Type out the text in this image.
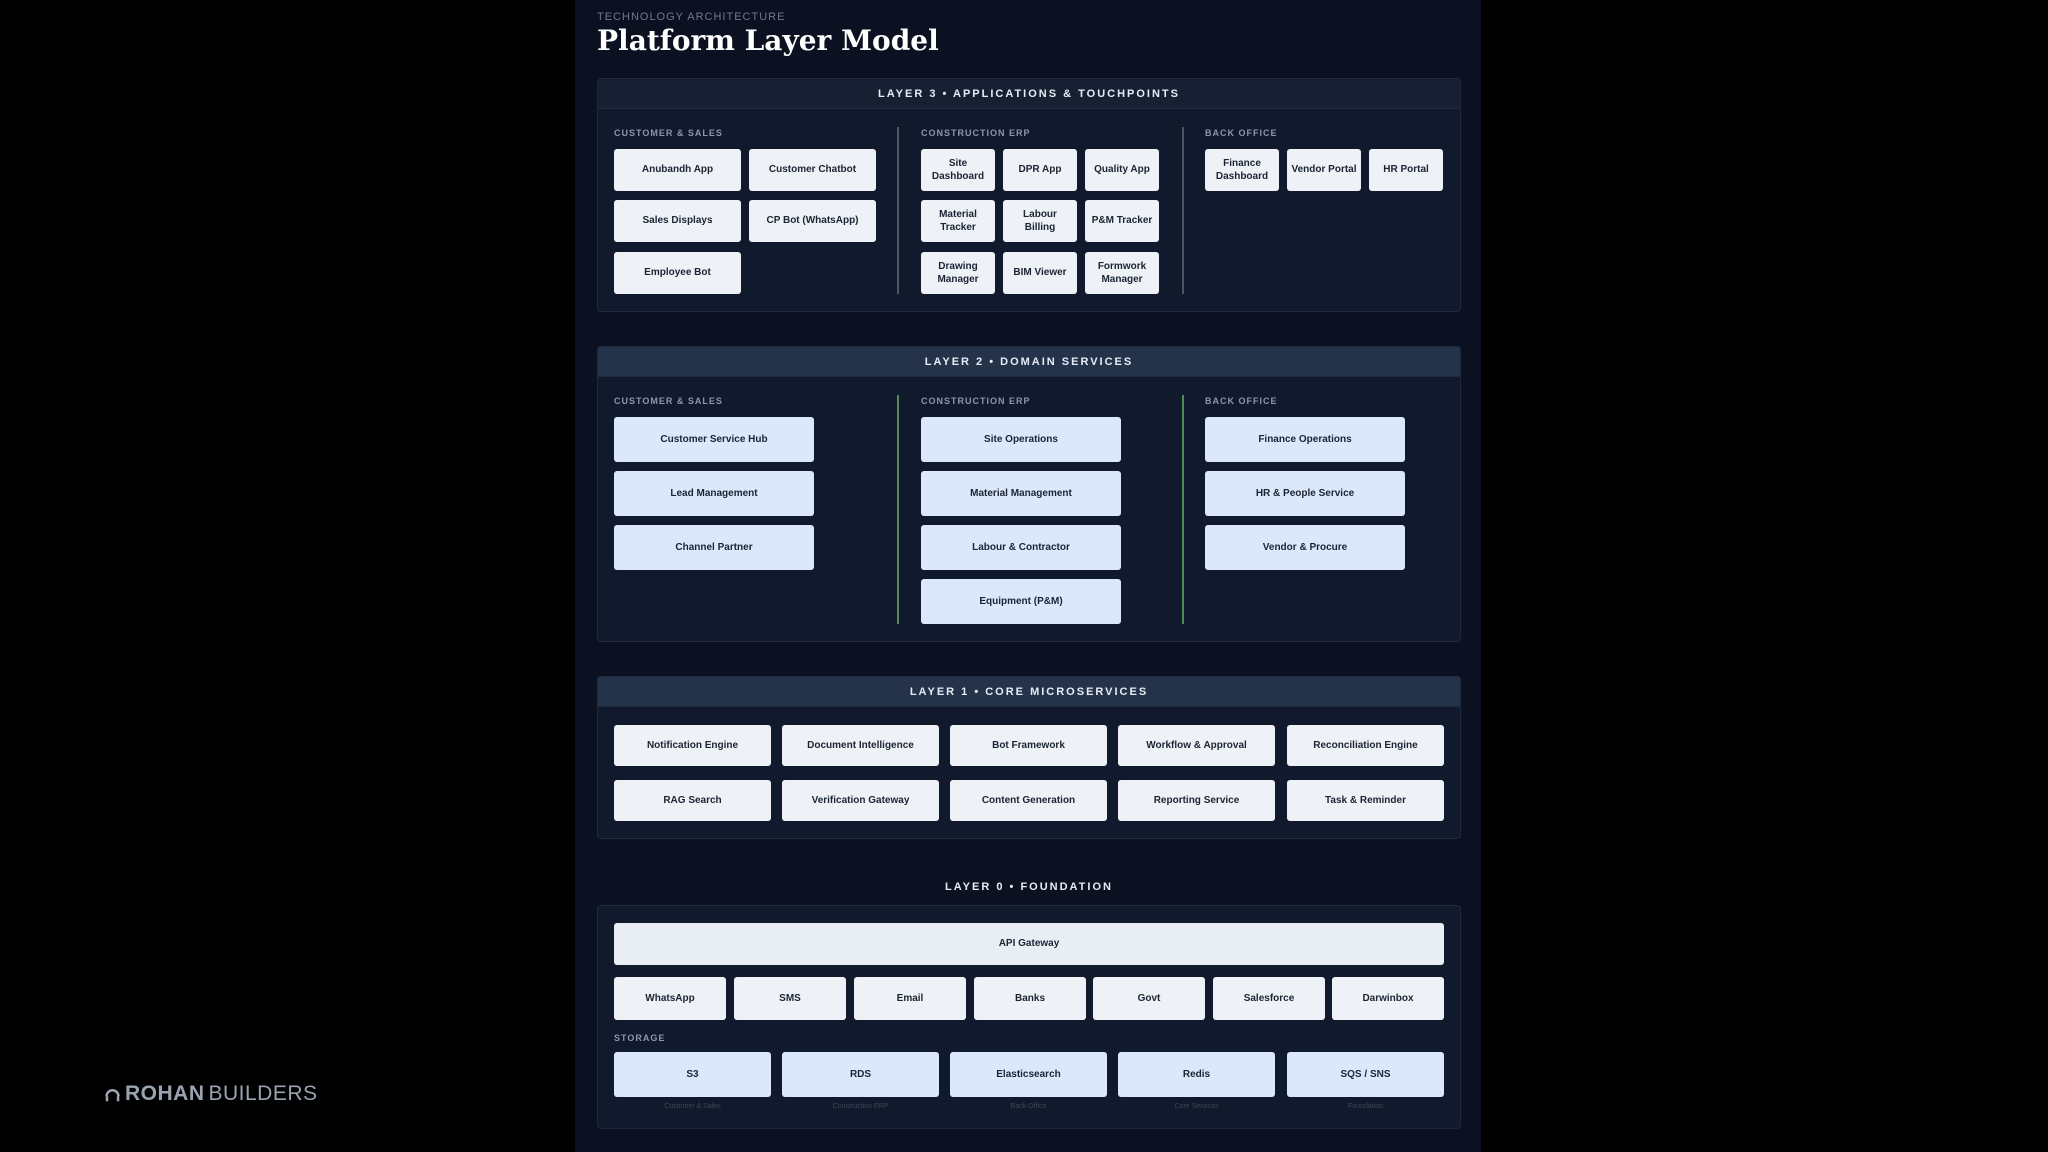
TECHNOLOGY ARCHITECTURE
Platform Layer Model
LAYER 3 • APPLICATIONS & TOUCHPOINTS
CUSTOMER & SALES	CONSTRUCTION ERP	BACK OFFICE
Anubandh App	Customer Chatbot
Sales Displays	CP Bot (WhatsApp)
Employee Bot
Site Dashboard
DPR App	Quality App
Material Tracker
Labour Billing
P&M Tracker
Drawing Manager
BIM Viewer
Formwork Manager
Finance Dashboard
Vendor Portal	HR Portal
LAYER 2 • DOMAIN SERVICES
CUSTOMER & SALES	CONSTRUCTION ERP	BACK OFFICE
Customer Service Hub
Lead Management
Channel Partner
Site Operations
Material Management
Labour & Contractor
Equipment (P&M)
Finance Operations
HR & People Service
Vendor & Procure
LAYER 1 • CORE MICROSERVICES
Notification Engine	Document Intelligence	Bot Framework	Workflow & Approval	Reconciliation Engine
RAG Search	Verification Gateway	Content Generation	Reporting Service	Task & Reminder
LAYER 0 • FOUNDATION
API Gateway
WhatsApp	SMS	Email	Banks	Govt	Salesforce	Darwinbox
STORAGE
S3	RDS	Elasticsearch	Redis	SQS / SNS
Customer & Sales	Construction ERP	Back Office	Core Services	Foundation
ROHAN BUILDERS
